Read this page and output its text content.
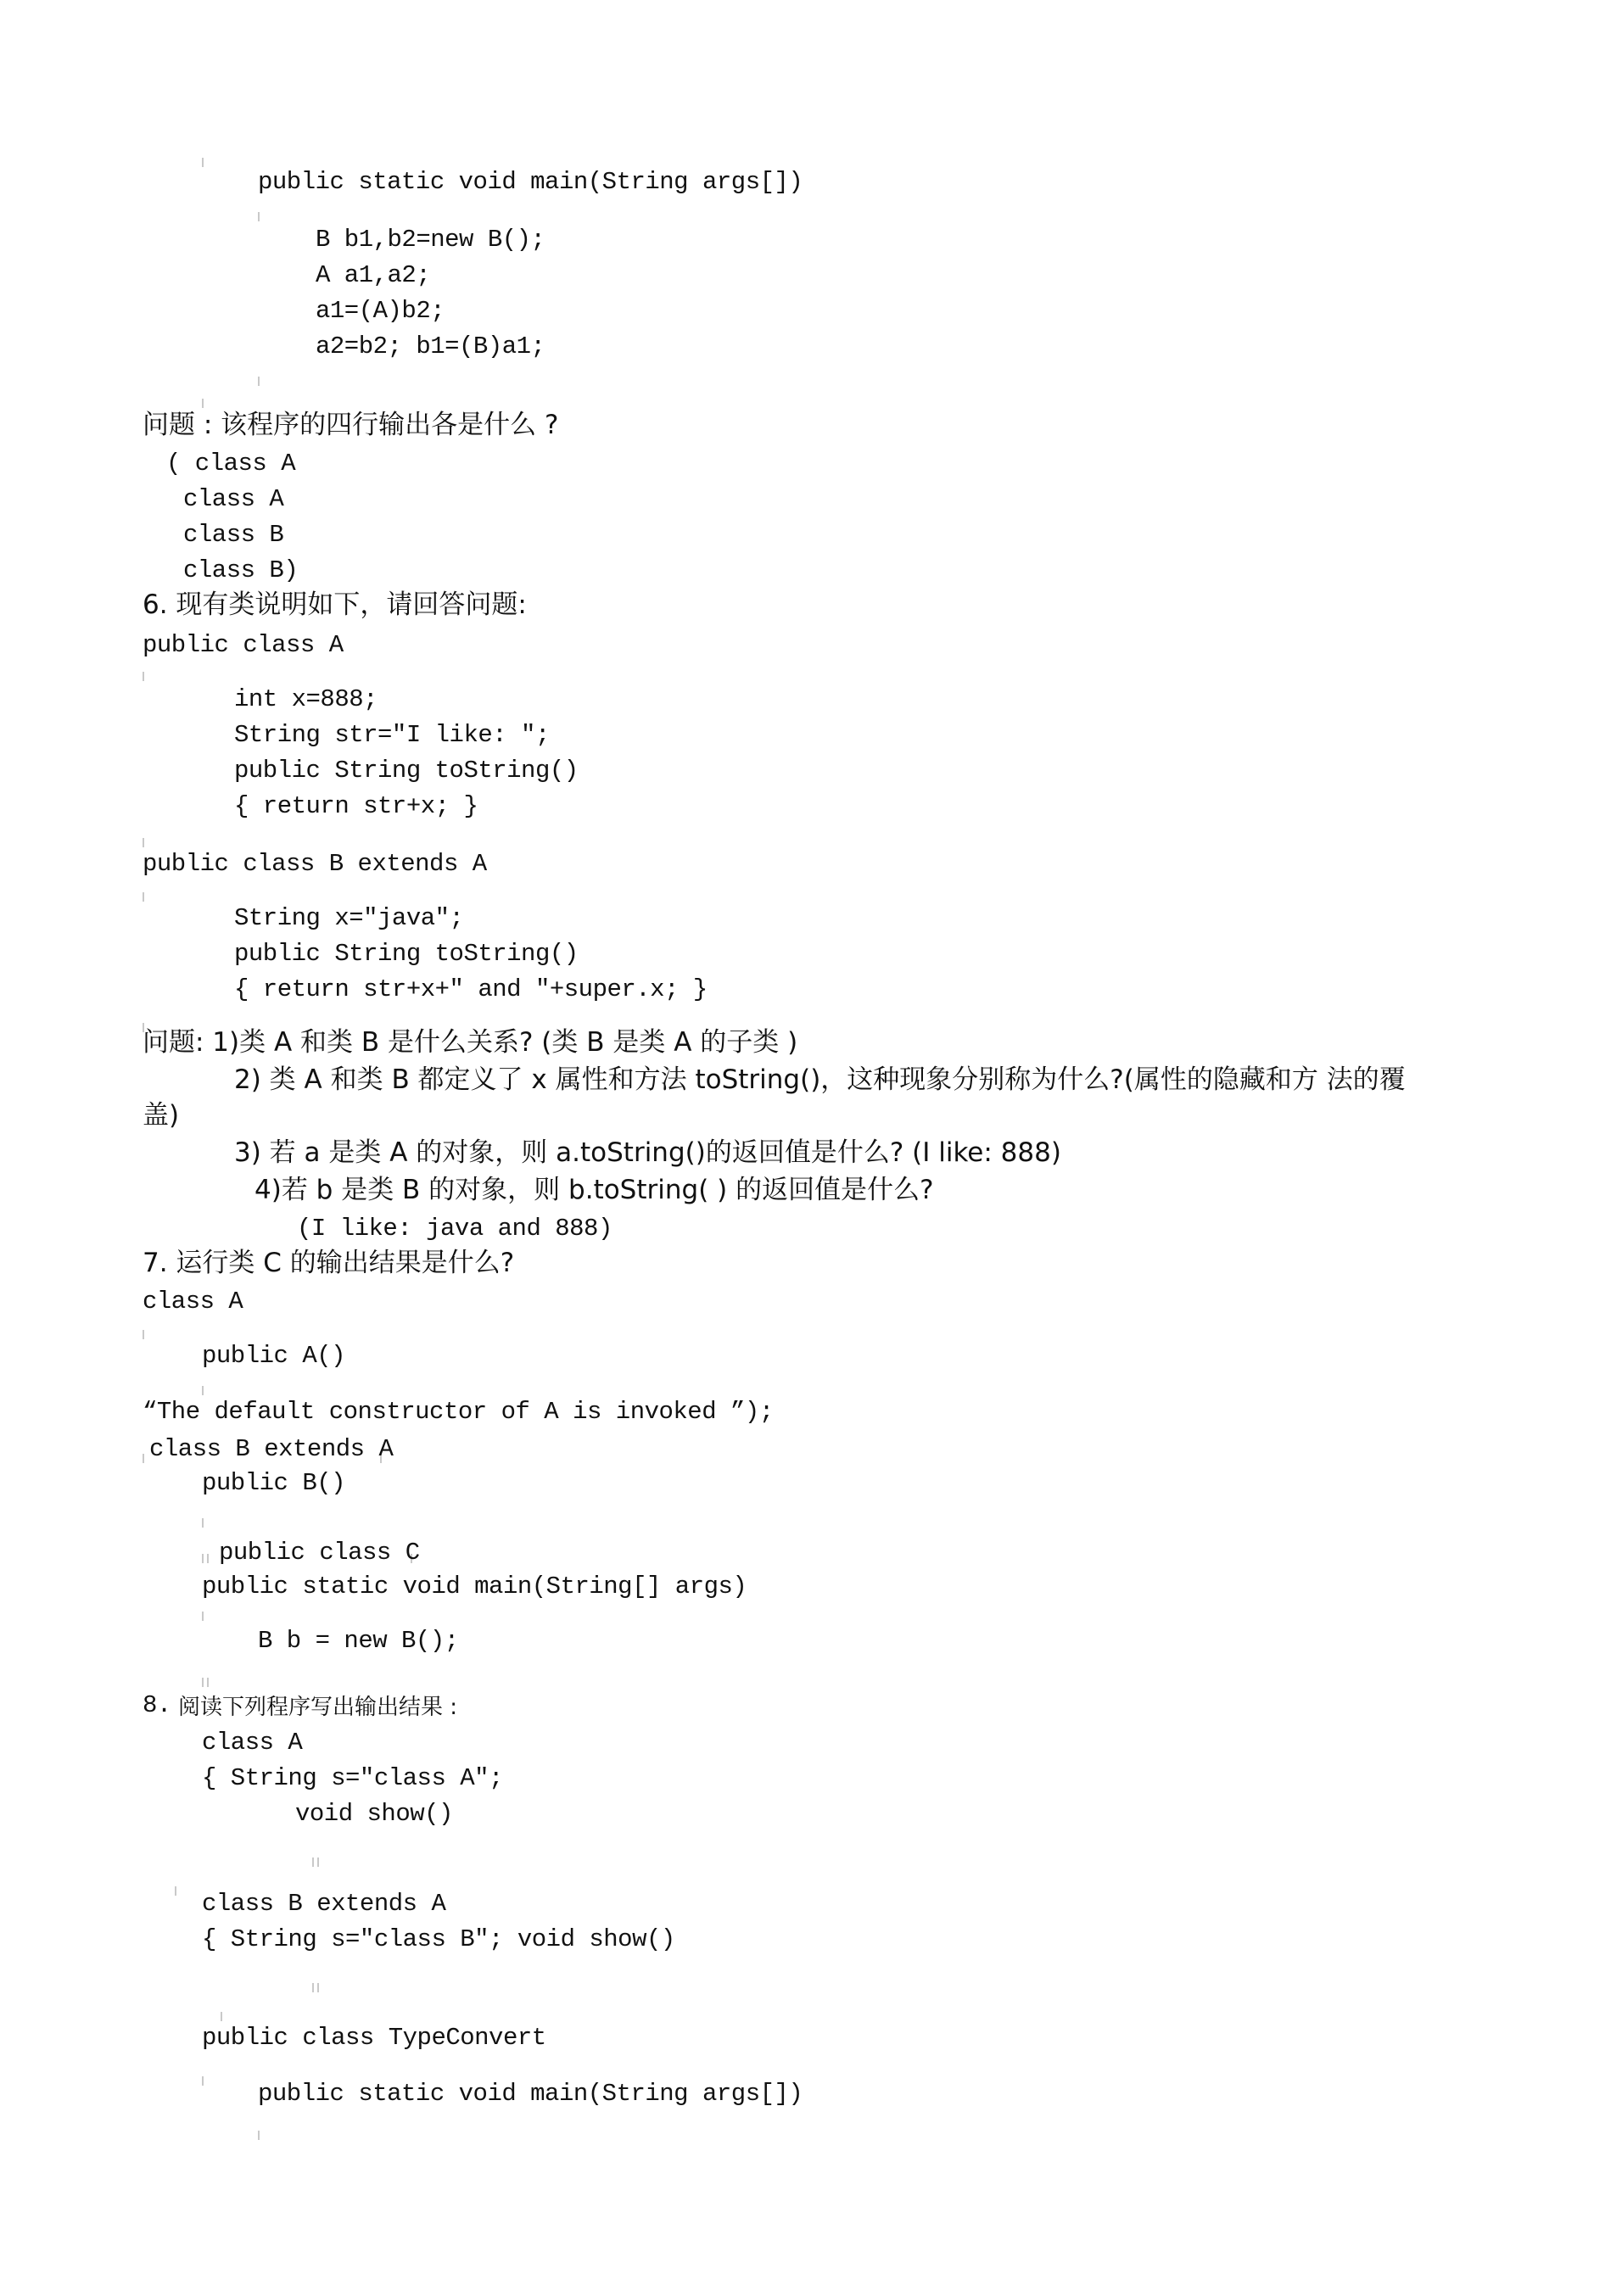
public static void main(String args[])
B b1,b2=new B();
A a1,a2;
a1=(A)b2;
a2=b2; b1=(B)a1;
问题 : 该程序的四行输出各是什么 ?
( class A
class A
class B
class B)
6. 现有类说明如下，请回答问题:
public class A
int x=888;
String str="I like: ";
public String toString()
{ return str+x; }
public class B extends A
String x="java";
public String toString()
{ return str+x+" and "+super.x; }
问题: 1)类 A 和类 B 是什么关系? (类 B 是类 A 的子类 )
2) 类 A 和类 B 都定义了 x 属性和方法 toString()，这种现象分别称为什么?(属性的隐藏和方 法的覆
盖)
3) 若 a 是类 A 的对象，则 a.toString()的返回值是什么? (I like: 888)
4)若 b 是类 B 的对象，则 b.toString( ) 的返回值是什么?
(I like: java and 888)
7. 运行类 C 的输出结果是什么?
class A
public A()
“The default constructor of A is invoked ”);
class B extends A
public B()
public class C
public static void main(String[] args)
B b = new B();
8. 阅读下列程序写出输出结果 :
class A
{ String s="class A";
void show()
class B extends A
{ String s="class B"; void show()
public class TypeConvert
public static void main(String args[])
